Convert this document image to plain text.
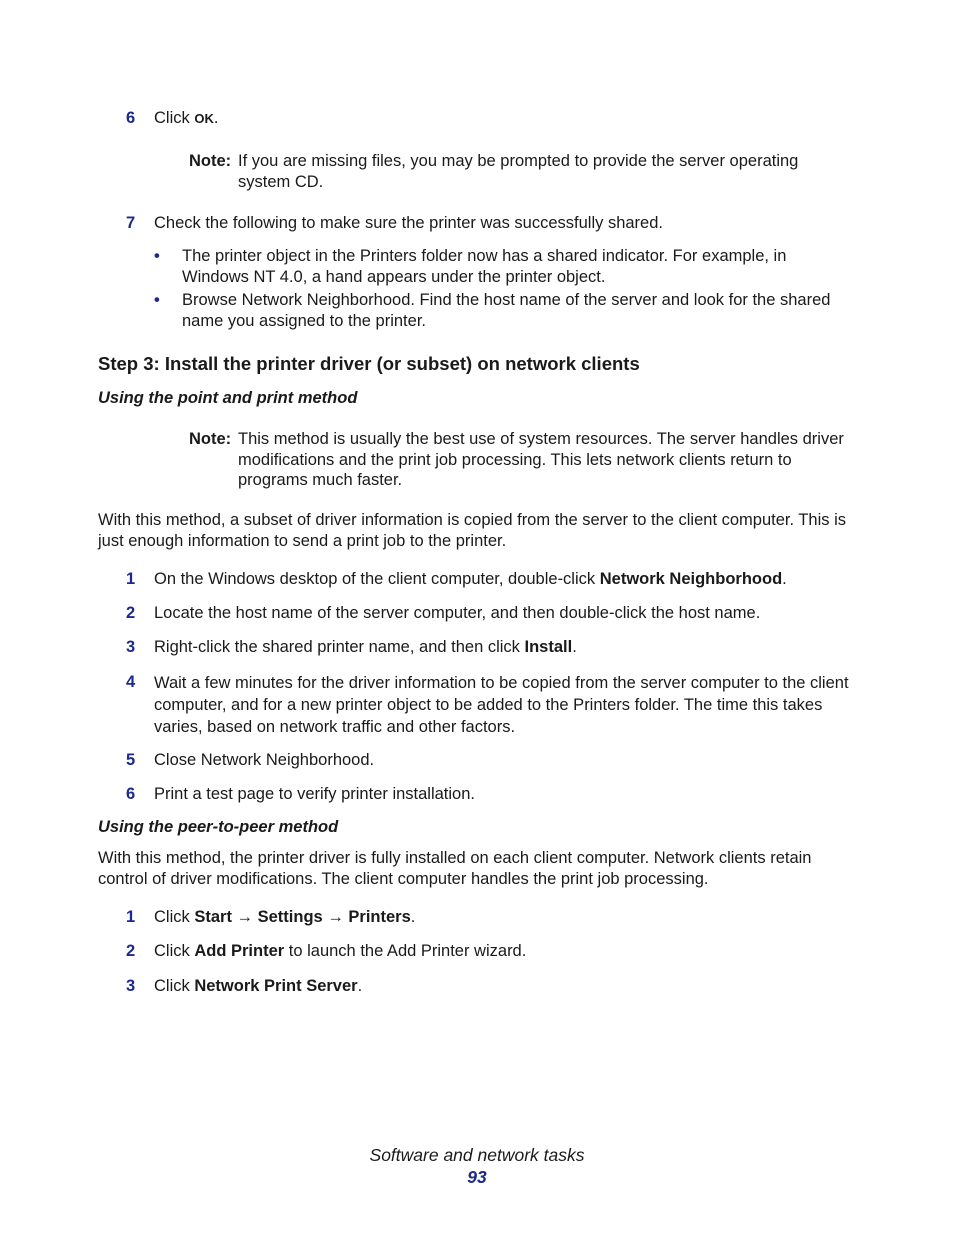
6 Click OK.
Note: If you are missing files, you may be prompted to provide the server operating system CD.
7 Check the following to make sure the printer was successfully shared.
• The printer object in the Printers folder now has a shared indicator. For example, in Windows NT 4.0, a hand appears under the printer object.
• Browse Network Neighborhood. Find the host name of the server and look for the shared name you assigned to the printer.
Step 3: Install the printer driver (or subset) on network clients
Using the point and print method
Note: This method is usually the best use of system resources. The server handles driver modifications and the print job processing. This lets network clients return to programs much faster.
With this method, a subset of driver information is copied from the server to the client computer. This is just enough information to send a print job to the printer.
1 On the Windows desktop of the client computer, double-click Network Neighborhood.
2 Locate the host name of the server computer, and then double-click the host name.
3 Right-click the shared printer name, and then click Install.
4 Wait a few minutes for the driver information to be copied from the server computer to the client computer, and for a new printer object to be added to the Printers folder. The time this takes varies, based on network traffic and other factors.
5 Close Network Neighborhood.
6 Print a test page to verify printer installation.
Using the peer-to-peer method
With this method, the printer driver is fully installed on each client computer. Network clients retain control of driver modifications. The client computer handles the print job processing.
1 Click Start → Settings → Printers.
2 Click Add Printer to launch the Add Printer wizard.
3 Click Network Print Server.
Software and network tasks
93
